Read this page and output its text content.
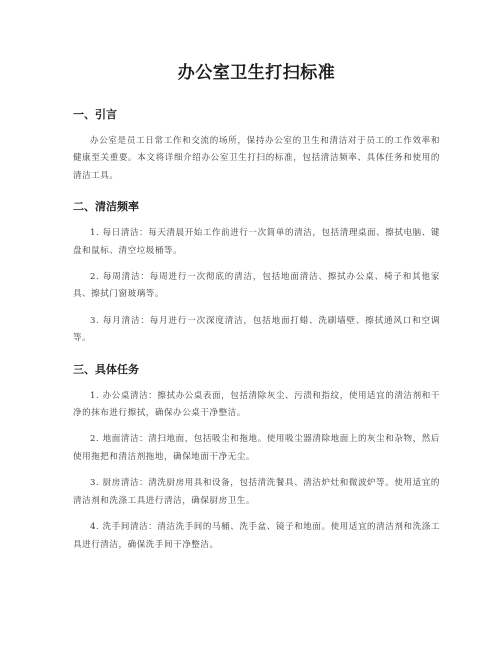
办公室卫生打扫标准
一、引言

办公室是员工日常工作和交流的场所，保持办公室的卫生和清洁对于员工的工作效率和健康至关重要。本文将详细介绍办公室卫生打扫的标准，包括清洁频率、具体任务和使用的清洁工具。

二、清洁频率

1. 每日清洁：每天清晨开始工作前进行一次简单的清洁，包括清理桌面、擦拭电脑、键盘和鼠标、清空垃圾桶等。

2. 每周清洁：每周进行一次彻底的清洁，包括地面清洁、擦拭办公桌、椅子和其他家具、擦拭门窗玻璃等。

3. 每月清洁：每月进行一次深度清洁，包括地面打蜡、洗刷墙壁、擦拭通风口和空调等。

三、具体任务

1. 办公桌清洁：擦拭办公桌表面，包括清除灰尘、污渍和指纹，使用适宜的清洁剂和干净的抹布进行擦拭，确保办公桌干净整洁。

2. 地面清洁：清扫地面，包括吸尘和拖地。使用吸尘器清除地面上的灰尘和杂物，然后使用拖把和清洁剂拖地，确保地面干净无尘。

3. 厨房清洁：清洗厨房用具和设备，包括清洗餐具、清洁炉灶和微波炉等。使用适宜的清洁剂和洗涤工具进行清洁，确保厨房卫生。

4. 洗手间清洁：清洁洗手间的马桶、洗手盆、镜子和地面。使用适宜的清洁剂和洗涤工具进行清洁，确保洗手间干净整洁。
